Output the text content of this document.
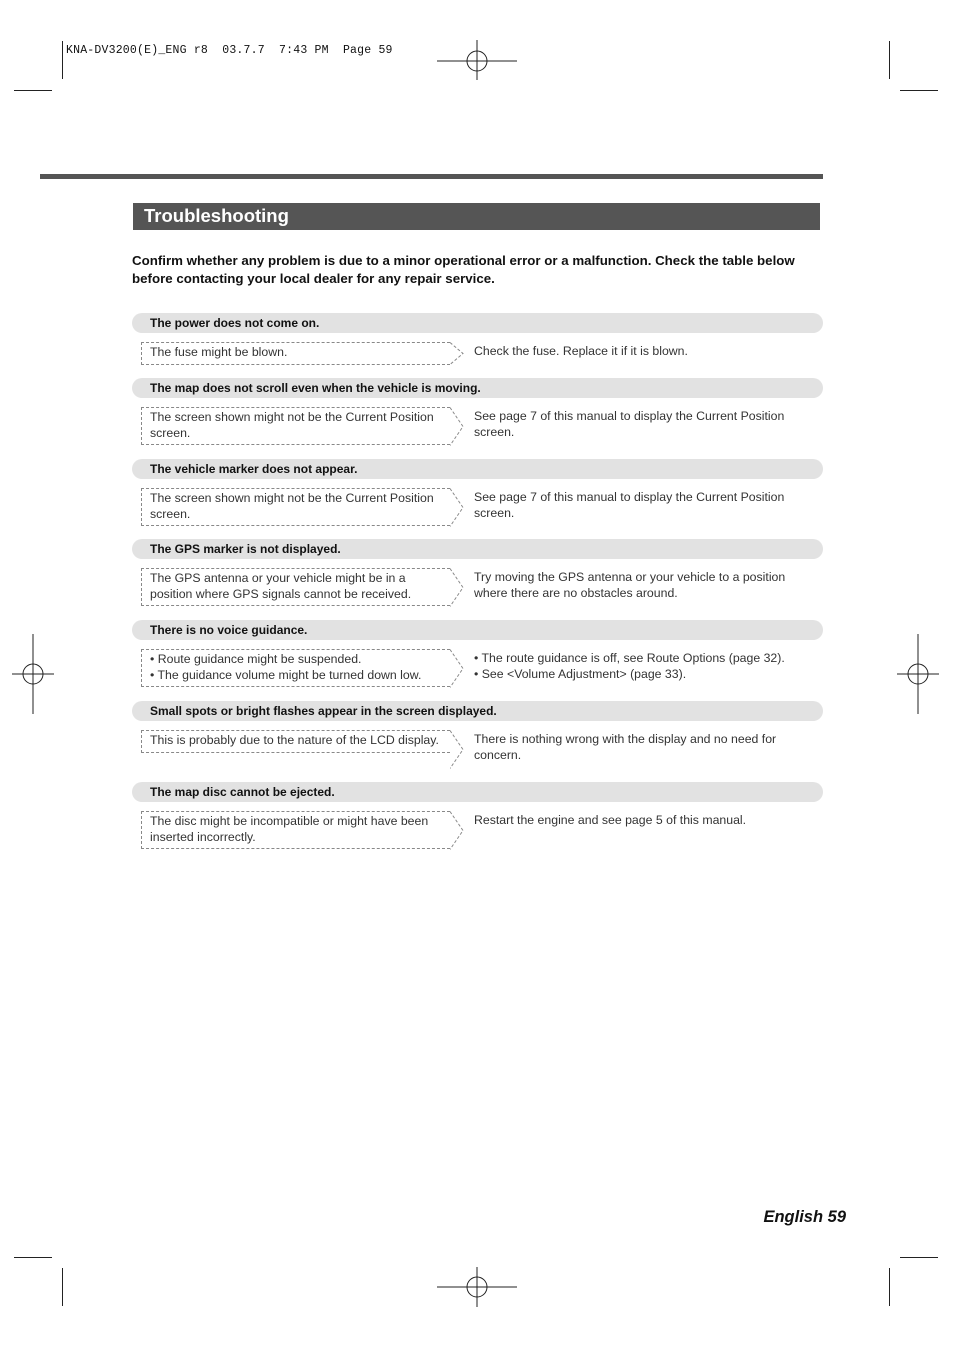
KNA-DV3200(E)_ENG r8  03.7.7  7:43 PM  Page 59
Troubleshooting
Confirm whether any problem is due to a minor operational error or a malfunction. Check the table below before contacting your local dealer for any repair service.
The power does not come on.
The fuse might be blown.	Check the fuse. Replace it if it is blown.
The map does not scroll even when the vehicle is moving.
The screen shown might not be the Current Position screen.
See page 7 of this manual to display the Current Position screen.
The vehicle marker does not appear.
The screen shown might not be the Current Position screen.
See page 7 of this manual to display the Current Position screen.
The GPS marker is not displayed.
The GPS antenna or your vehicle might be in a position where GPS signals cannot be received.
Try moving the GPS antenna or your vehicle to a position where there are no obstacles around.
There is no voice guidance.
• Route guidance might be suspended.
• The guidance volume might be turned down low.
• The route guidance is off, see Route Options (page 32).
• See <Volume Adjustment> (page 33).
Small spots or bright flashes appear in the screen displayed.
This is probably due to the nature of the LCD display.	There is nothing wrong with the display and no need for concern.
The map disc cannot be ejected.
The disc might be incompatible or might have been inserted incorrectly.
Restart the engine and see page 5 of this manual.
English 59
